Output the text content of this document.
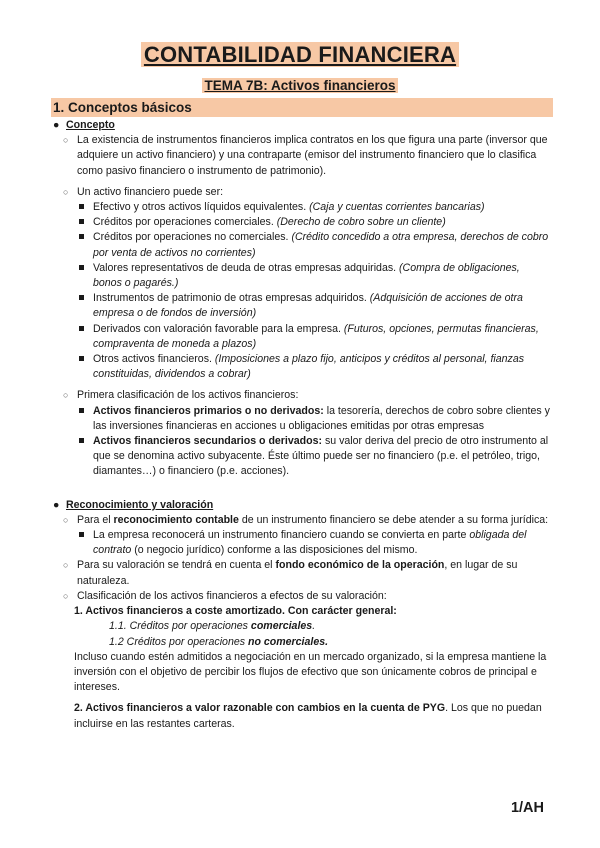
CONTABILIDAD FINANCIERA
TEMA 7B: Activos financieros
1. Conceptos básicos
● Concepto
○ La existencia de instrumentos financieros implica contratos en los que figura una parte (inversor que adquiere un activo financiero) y una contraparte (emisor del instrumento financiero que lo clasifica como pasivo financiero o instrumento de patrimonio).
○ Un activo financiero puede ser:
Efectivo y otros activos líquidos equivalentes. (Caja y cuentas corrientes bancarias)
Créditos por operaciones comerciales. (Derecho de cobro sobre un cliente)
Créditos por operaciones no comerciales. (Crédito concedido a otra empresa, derechos de cobro por venta de activos no corrientes)
Valores representativos de deuda de otras empresas adquiridas. (Compra de obligaciones, bonos o pagarés.)
Instrumentos de patrimonio de otras empresas adquiridos. (Adquisición de acciones de otra empresa o de fondos de inversión)
Derivados con valoración favorable para la empresa. (Futuros, opciones, permutas financieras, compraventa de moneda a plazos)
Otros activos financieros. (Imposiciones a plazo fijo, anticipos y créditos al personal, fianzas constituidas, dividendos a cobrar)
○ Primera clasificación de los activos financieros:
Activos financieros primarios o no derivados: la tesorería, derechos de cobro sobre clientes y las inversiones financieras en acciones u obligaciones emitidas por otras empresas
Activos financieros secundarios o derivados: su valor deriva del precio de otro instrumento al que se denomina activo subyacente. Éste último puede ser no financiero (p.e. el petróleo, trigo, diamantes…) o financiero (p.e. acciones).
● Reconocimiento y valoración
○ Para el reconocimiento contable de un instrumento financiero se debe atender a su forma jurídica:
La empresa reconocerá un instrumento financiero cuando se convierta en parte obligada del contrato (o negocio jurídico) conforme a las disposiciones del mismo.
○ Para su valoración se tendrá en cuenta el fondo económico de la operación, en lugar de su naturaleza.
○ Clasificación de los activos financieros a efectos de su valoración:
1. Activos financieros a coste amortizado. Con carácter general:
1.1. Créditos por operaciones comerciales.
1.2 Créditos por operaciones no comerciales.
Incluso cuando estén admitidos a negociación en un mercado organizado, si la empresa mantiene la inversión con el objetivo de percibir los flujos de efectivo que son únicamente cobros de principal e intereses.
2. Activos financieros a valor razonable con cambios en la cuenta de PYG. Los que no puedan incluirse en las restantes carteras.
1/AH
